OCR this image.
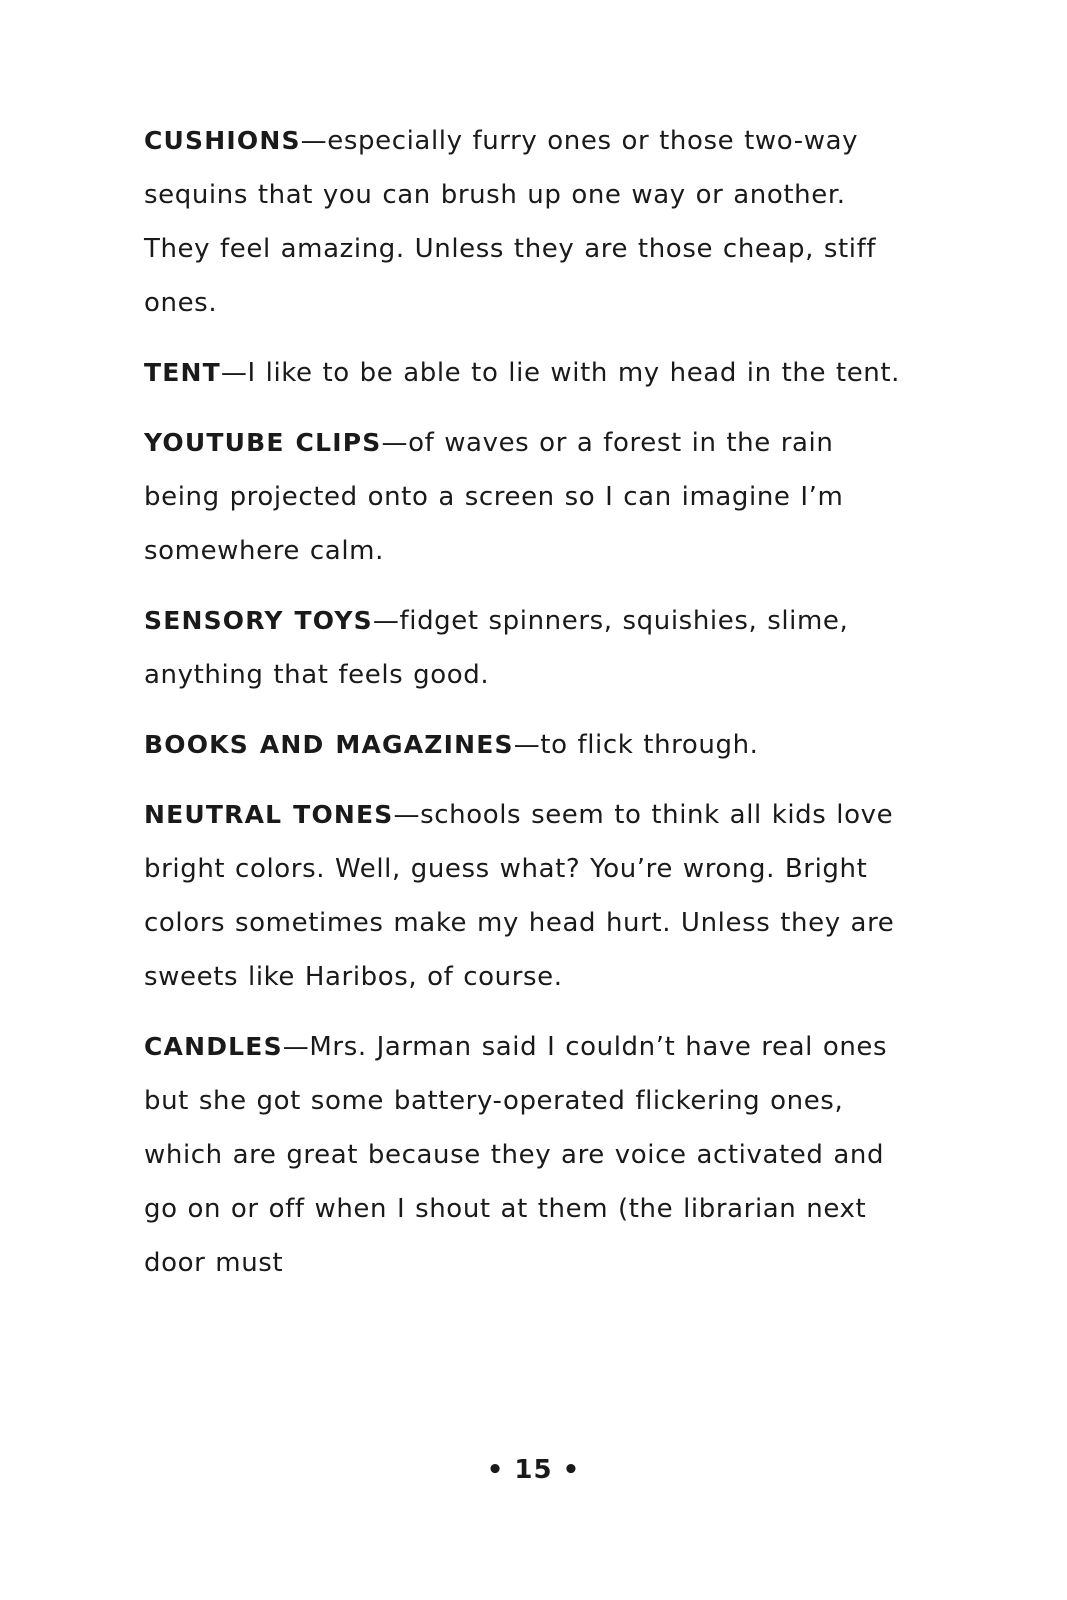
CUSHIONS—especially furry ones or those two-way sequins that you can brush up one way or another. They feel amazing. Unless they are those cheap, stiff ones.

TENT—I like to be able to lie with my head in the tent.

YOUTUBE CLIPS—of waves or a forest in the rain being projected onto a screen so I can imagine I’m somewhere calm.

SENSORY TOYS—fidget spinners, squishies, slime, anything that feels good.

BOOKS AND MAGAZINES—to flick through.

NEUTRAL TONES—schools seem to think all kids love bright colors. Well, guess what? You’re wrong. Bright colors sometimes make my head hurt. Unless they are sweets like Haribos, of course.

CANDLES—Mrs. Jarman said I couldn’t have real ones but she got some battery-operated flickering ones, which are great because they are voice activated and go on or off when I shout at them (the librarian next door must

• 15 •
